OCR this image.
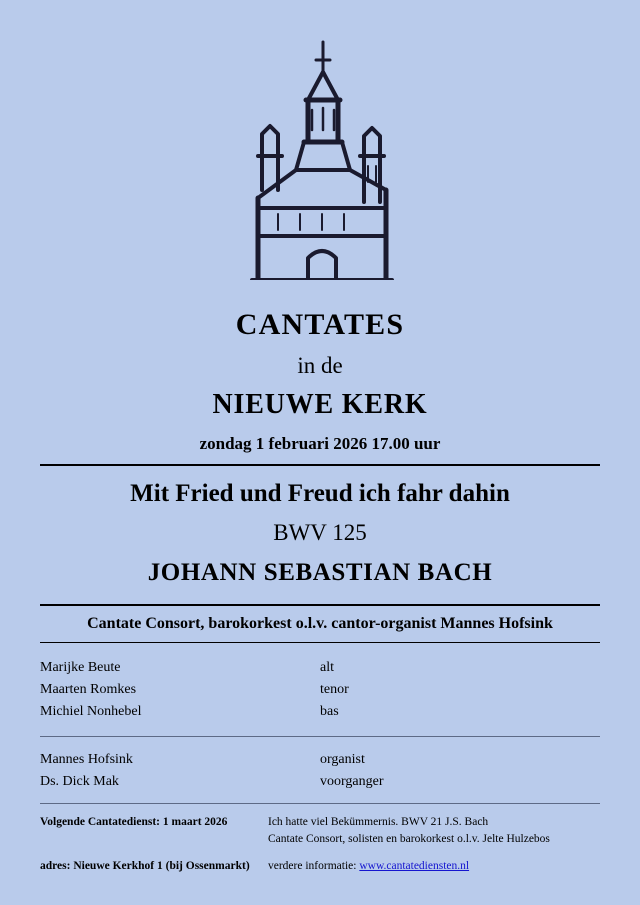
CANTATES
in de
NIEUWE KERK
zondag 1 februari 2026 17.00 uur
Mit Fried und Freud ich fahr dahin
BWV 125
JOHANN SEBASTIAN BACH
Cantate Consort, barokorkest o.l.v. cantor-organist Mannes Hofsink
Marijke Beute	alt
Maarten Romkes	tenor
Michiel Nonhebel	bas
Mannes Hofsink	organist
Ds. Dick Mak	voorganger
Volgende Cantatedienst: 1 maart 2026	Ich hatte viel Bekümmernis. BWV 21 J.S. Bach
Cantate Consort, solisten en barokorkest o.l.v. Jelte Hulzebos
adres: Nieuwe Kerkhof 1 (bij Ossenmarkt)	verdere informatie: www.cantatediensten.nl
